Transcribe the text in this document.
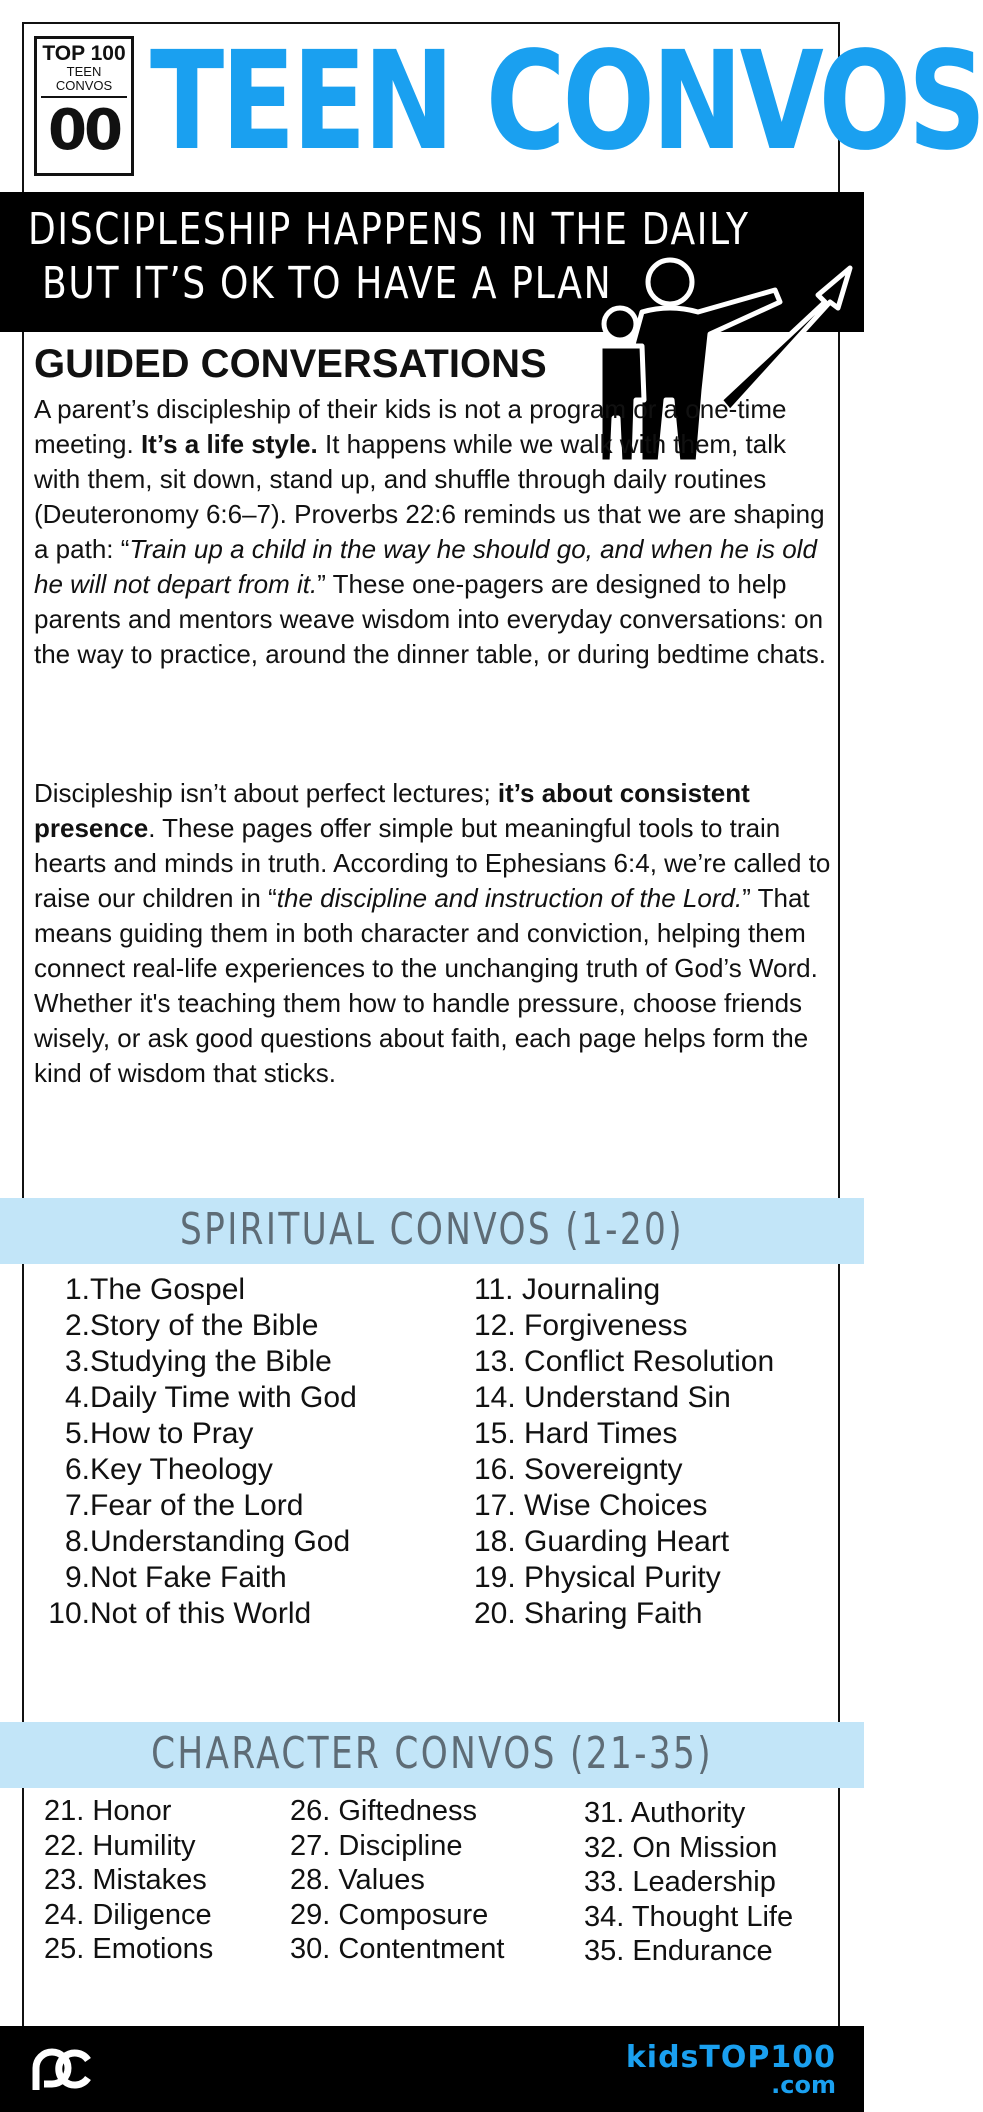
TOP 100
TEEN CONVOS
00 TEEN CONVOS
DISCIPLESHIP HAPPENS IN THE DAILY
BUT IT’S OK TO HAVE A PLAN
GUIDED CONVERSATIONS
A parent’s discipleship of their kids is not a program or a one-time meeting. It’s a life style. It happens while we walk with them, talk with them, sit down, stand up, and shuffle through daily routines (Deuteronomy 6:6–7). Proverbs 22:6 reminds us that we are shaping a path: “Train up a child in the way he should go, and when he is old he will not depart from it.” These one-pagers are designed to help parents and mentors weave wisdom into everyday conversations: on the way to practice, around the dinner table, or during bedtime chats.
Discipleship isn’t about perfect lectures; it’s about consistent presence. These pages offer simple but meaningful tools to train hearts and minds in truth. According to Ephesians 6:4, we’re called to raise our children in “the discipline and instruction of the Lord.” That means guiding them in both character and conviction, helping them connect real-life experiences to the unchanging truth of God’s Word. Whether it's teaching them how to handle pressure, choose friends wisely, or ask good questions about faith, each page helps form the kind of wisdom that sticks.
SPIRITUAL CONVOS (1-20)
1.The Gospel
2.Story of the Bible
3.Studying the Bible
4.Daily Time with God
5.How to Pray
6.Key Theology
7.Fear of the Lord
8.Understanding God
9.Not Fake Faith
10.Not of this World
11. Journaling
12. Forgiveness
13. Conflict Resolution
14. Understand Sin
15. Hard Times
16. Sovereignty
17. Wise Choices
18. Guarding Heart
19. Physical Purity
20. Sharing Faith
CHARACTER CONVOS (21-35)
21. Honor
22. Humility
23. Mistakes
24. Diligence
25. Emotions
26. Giftedness
27. Discipline
28. Values
29. Composure
30. Contentment
31. Authority
32. On Mission
33. Leadership
34. Thought Life
35. Endurance
kidsTOP100
.com
